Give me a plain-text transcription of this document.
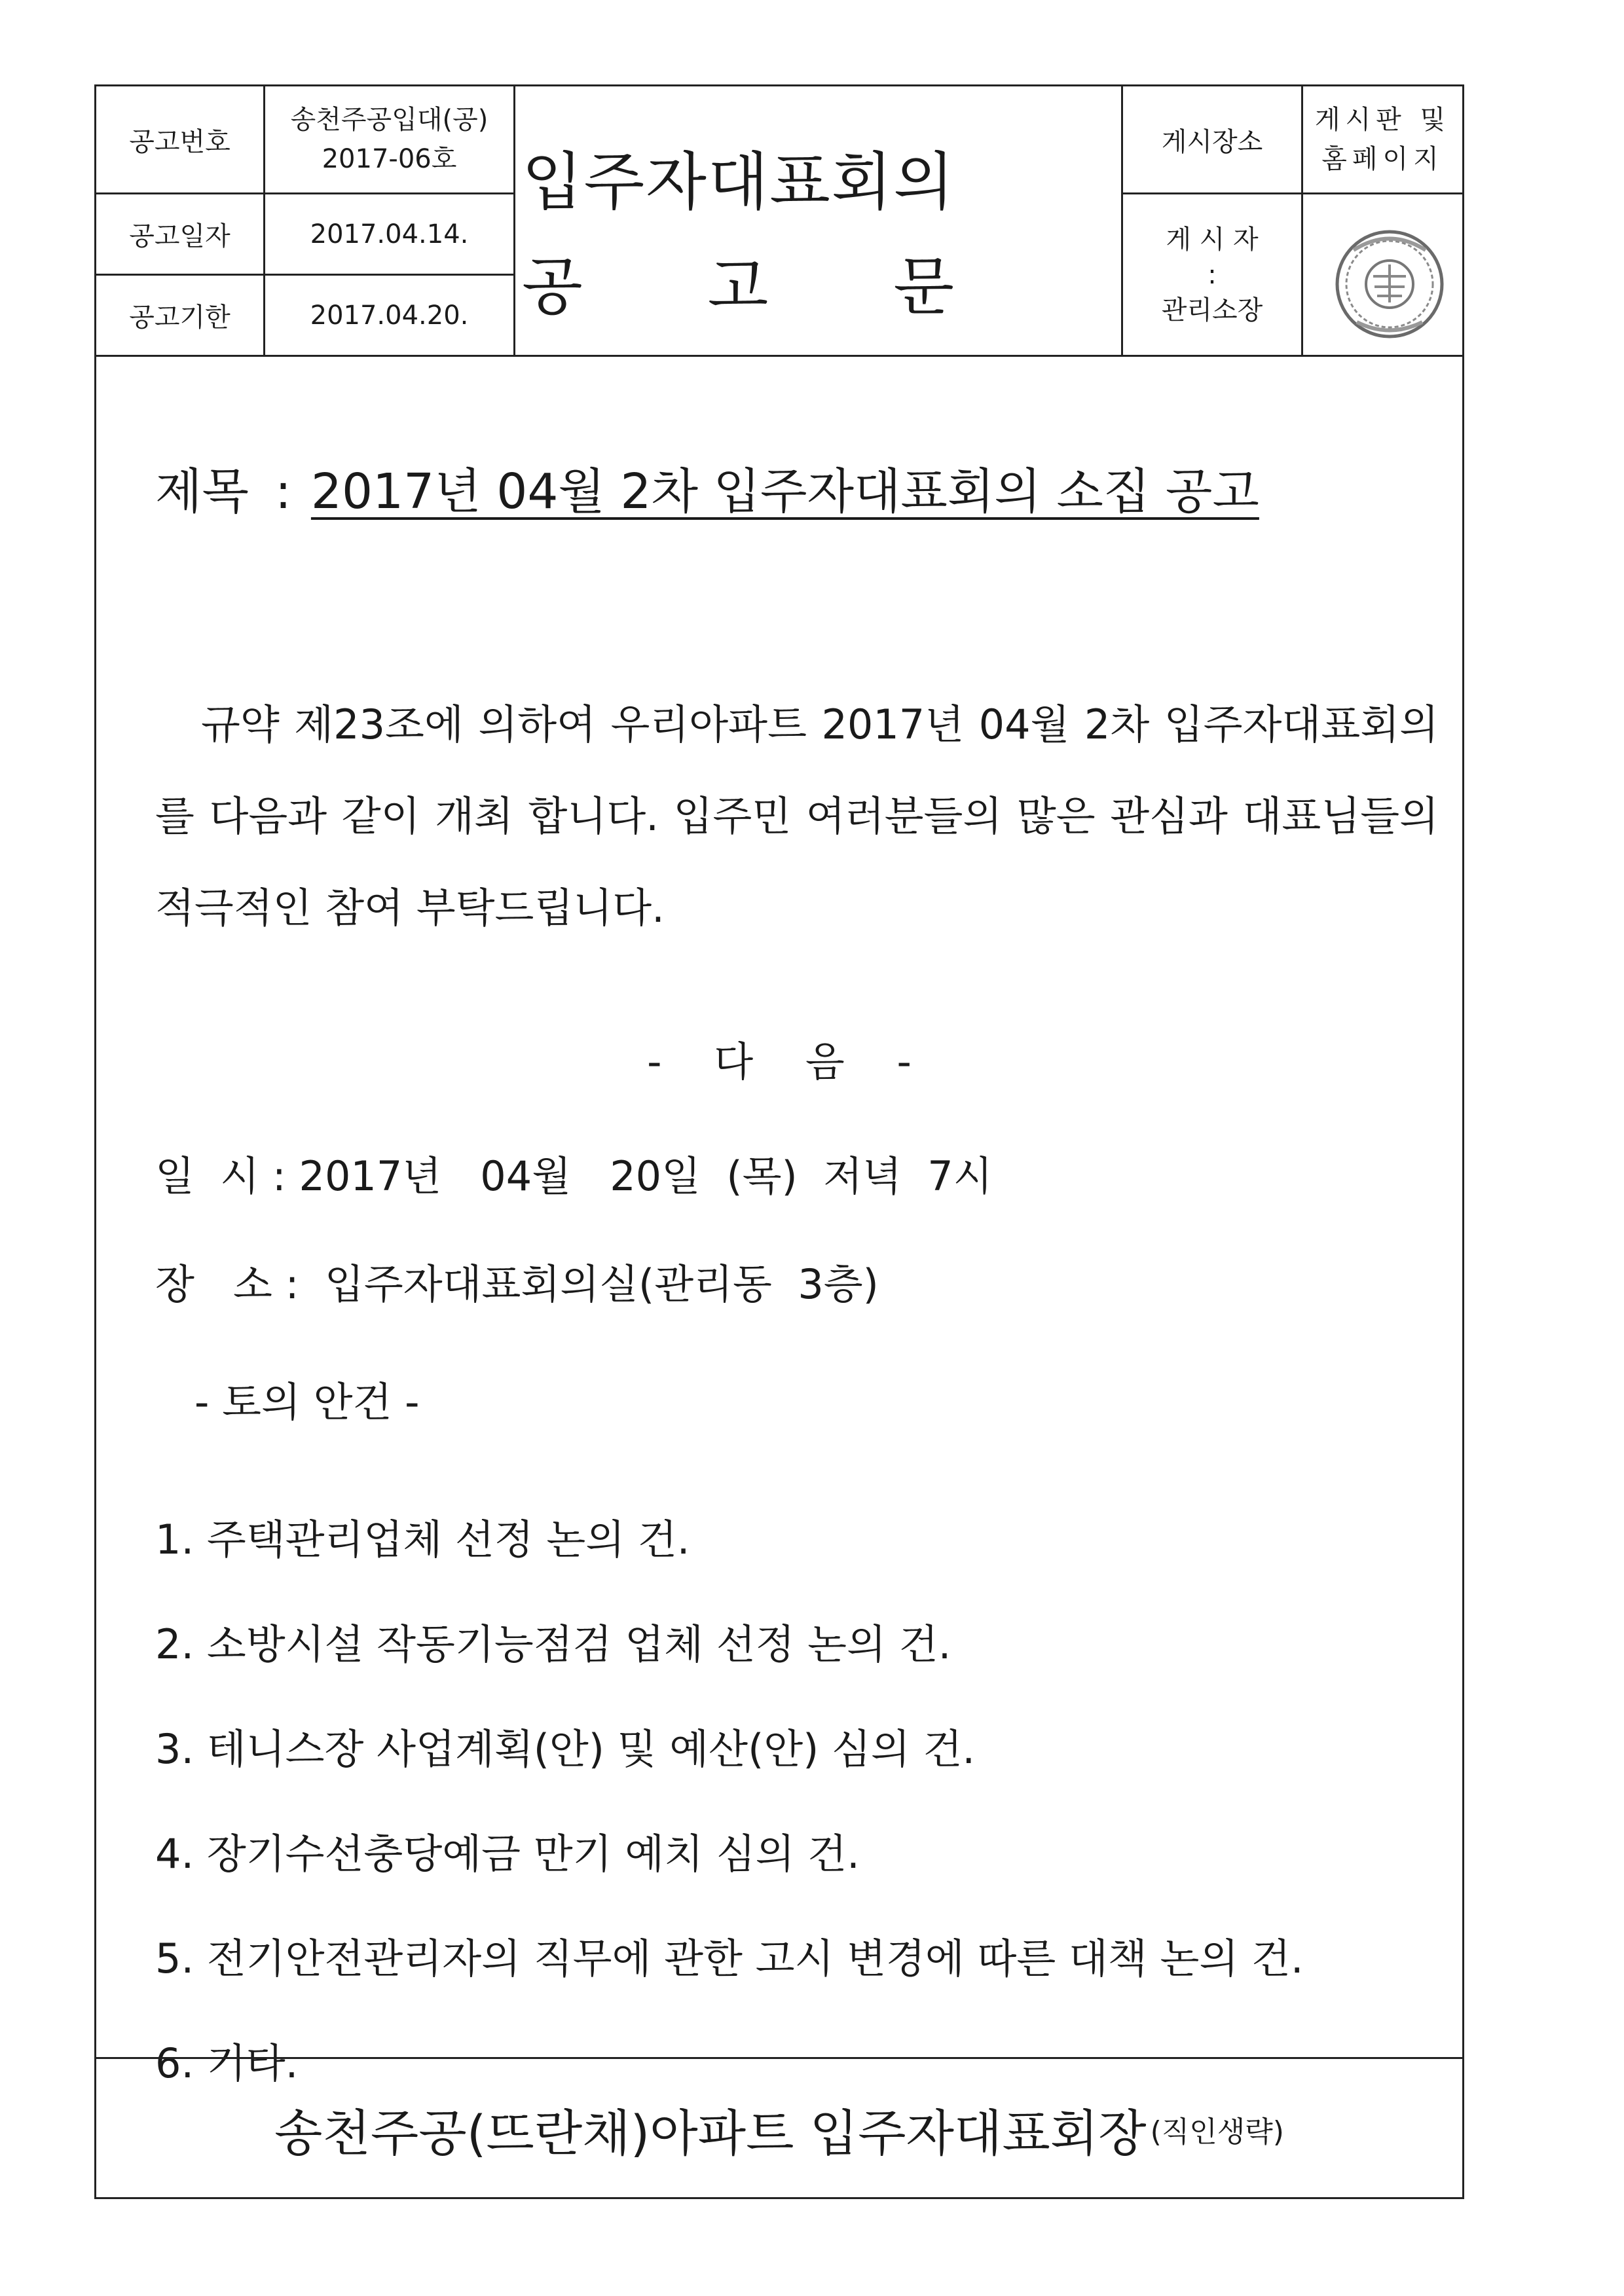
공고번호
송천주공입대(공)
2017-06호
공고일자	2017.04.14.
공고기한	2017.04.20.
입 주 자 대 표 회 의
공 고 문
게시장소
게시판 및
홈페이지
게 시 자
:
관리소장
제목 : 2017년 04월 2차 입주자대표회의 소집 공고
규약 제23조에 의하여 우리아파트 2017년 04월 2차 입주자대표회의를 다음과 같이 개최 합니다. 입주민 여러분들의 많은 관심과 대표님들의 적극적인 참여 부탁드립니다.
- 다 음 -
일  시 : 2017년   04월   20일  (목)  저녁  7시
장   소 :  입주자대표회의실(관리동  3층)
- 토의 안건 -
1. 주택관리업체 선정 논의 건.
2. 소방시설 작동기능점검 업체 선정 논의 건.
3. 테니스장 사업계획(안) 및 예산(안) 심의 건.
4. 장기수선충당예금 만기 예치 심의 건.
5. 전기안전관리자의 직무에 관한 고시 변경에 따른 대책 논의 건.
6. 기타.
송천주공(뜨란채)아파트 입주자대표회장 (직인생략)
